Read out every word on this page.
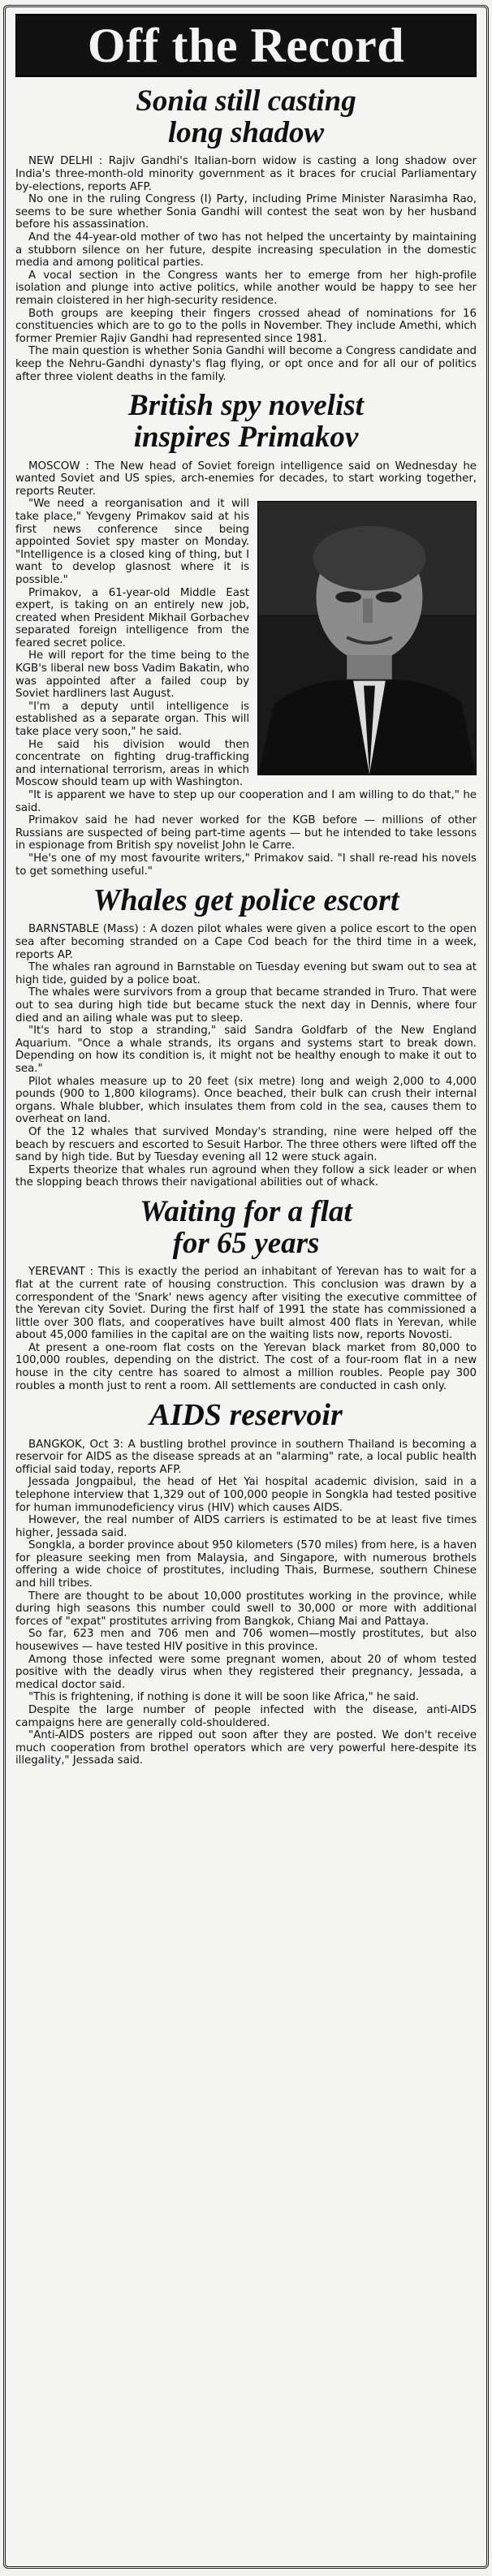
Off the Record
Sonia still casting
long shadow

NEW DELHI : Rajiv Gandhi's Italian-born widow is casting a long shadow over India's three-month-old minority government as it braces for crucial Parliamentary by-elections, reports AFP.

No one in the ruling Congress (I) Party, including Prime Minister Narasimha Rao, seems to be sure whether Sonia Gandhi will contest the seat won by her husband before his assassination.

And the 44-year-old mother of two has not helped the uncertainty by maintaining a stubborn silence on her future, despite increasing speculation in the domestic media and among political parties.

A vocal section in the Congress wants her to emerge from her high-profile isolation and plunge into active politics, while another would be happy to see her remain cloistered in her high-security residence.

Both groups are keeping their fingers crossed ahead of nominations for 16 constituencies which are to go to the polls in November. They include Amethi, which former Premier Rajiv Gandhi had represented since 1981.

The main question is whether Sonia Gandhi will become a Congress candidate and keep the Nehru-Gandhi dynasty's flag flying, or opt once and for all our of politics after three violent deaths in the family.

British spy novelist
inspires Primakov

MOSCOW : The New head of Soviet foreign intelligence said on Wednesday he wanted Soviet and US spies, arch-enemies for decades, to start working together, reports Reuter.

"We need a reorganisation and it will take place," Yevgeny Primakov said at his first news conference since being appointed Soviet spy master on Monday. "Intelligence is a closed king of thing, but I want to develop glasnost where it is possible."

Primakov, a 61-year-old Middle East expert, is taking on an entirely new job, created when President Mikhail Gorbachev separated foreign intelligence from the feared secret police.

He will report for the time being to the KGB's liberal new boss Vadim Bakatin, who was appointed after a failed coup by Soviet hardliners last August.

"I'm a deputy until intelligence is established as a separate organ. This will take place very soon," he said.

He said his division would then concentrate on fighting drug-trafficking and international terrorism, areas in which Moscow should team up with Washington.

"It is apparent we have to step up our cooperation and I am willing to do that," he said.

Primakov said he had never worked for the KGB before — millions of other Russians are suspected of being part-time agents — but he intended to take lessons in espionage from British spy novelist John le Carre.

"He's one of my most favourite writers," Primakov said. "I shall re-read his novels to get something useful."

Whales get police escort

BARNSTABLE (Mass) : A dozen pilot whales were given a police escort to the open sea after becoming stranded on a Cape Cod beach for the third time in a week, reports AP.

The whales ran aground in Barnstable on Tuesday evening but swam out to sea at high tide, guided by a police boat.

The whales were survivors from a group that became stranded in Truro. That were out to sea during high tide but became stuck the next day in Dennis, where four died and an ailing whale was put to sleep.

"It's hard to stop a stranding," said Sandra Goldfarb of the New England Aquarium. "Once a whale strands, its organs and systems start to break down. Depending on how its condition is, it might not be healthy enough to make it out to sea."

Pilot whales measure up to 20 feet (six metre) long and weigh 2,000 to 4,000 pounds (900 to 1,800 kilograms). Once beached, their bulk can crush their internal organs. Whale blubber, which insulates them from cold in the sea, causes them to overheat on land.

Of the 12 whales that survived Monday's stranding, nine were helped off the beach by rescuers and escorted to Sesuit Harbor. The three others were lifted off the sand by high tide. But by Tuesday evening all 12 were stuck again.

Experts theorize that whales run aground when they follow a sick leader or when the slopping beach throws their navigational abilities out of whack.

Waiting for a flat
for 65 years

YEREVANT : This is exactly the period an inhabitant of Yerevan has to wait for a flat at the current rate of housing construction. This conclusion was drawn by a correspondent of the 'Snark' news agency after visiting the executive committee of the Yerevan city Soviet. During the first half of 1991 the state has commissioned a little over 300 flats, and cooperatives have built almost 400 flats in Yerevan, while about 45,000 families in the capital are on the waiting lists now, reports Novosti.

At present a one-room flat costs on the Yerevan black market from 80,000 to 100,000 roubles, depending on the district. The cost of a four-room flat in a new house in the city centre has soared to almost a million roubles. People pay 300 roubles a month just to rent a room. All settlements are conducted in cash only.

AIDS reservoir

BANGKOK, Oct 3: A bustling brothel province in southern Thailand is becoming a reservoir for AIDS as the disease spreads at an "alarming" rate, a local public health official said today, reports AFP.

Jessada Jongpaibul, the head of Het Yai hospital academic division, said in a telephone interview that 1,329 out of 100,000 people in Songkla had tested positive for human immunodeficiency virus (HIV) which causes AIDS.

However, the real number of AIDS carriers is estimated to be at least five times higher, Jessada said.

Songkla, a border province about 950 kilometers (570 miles) from here, is a haven for pleasure seeking men from Malaysia, and Singapore, with numerous brothels offering a wide choice of prostitutes, including Thais, Burmese, southern Chinese and hill tribes.

There are thought to be about 10,000 prostitutes working in the province, while during high seasons this number could swell to 30,000 or more with additional forces of "expat" prostitutes arriving from Bangkok, Chiang Mai and Pattaya.

So far, 623 men and 706 men and 706 women—mostly prostitutes, but also housewives — have tested HIV positive in this province.

Among those infected were some pregnant women, about 20 of whom tested positive with the deadly virus when they registered their pregnancy, Jessada, a medical doctor said.

"This is frightening, if nothing is done it will be soon like Africa," he said.

Despite the large number of people infected with the disease, anti-AIDS campaigns here are generally cold-shouldered.

"Anti-AIDS posters are ripped out soon after they are posted. We don't receive much cooperation from brothel operators which are very powerful here-despite its illegality," Jessada said.
